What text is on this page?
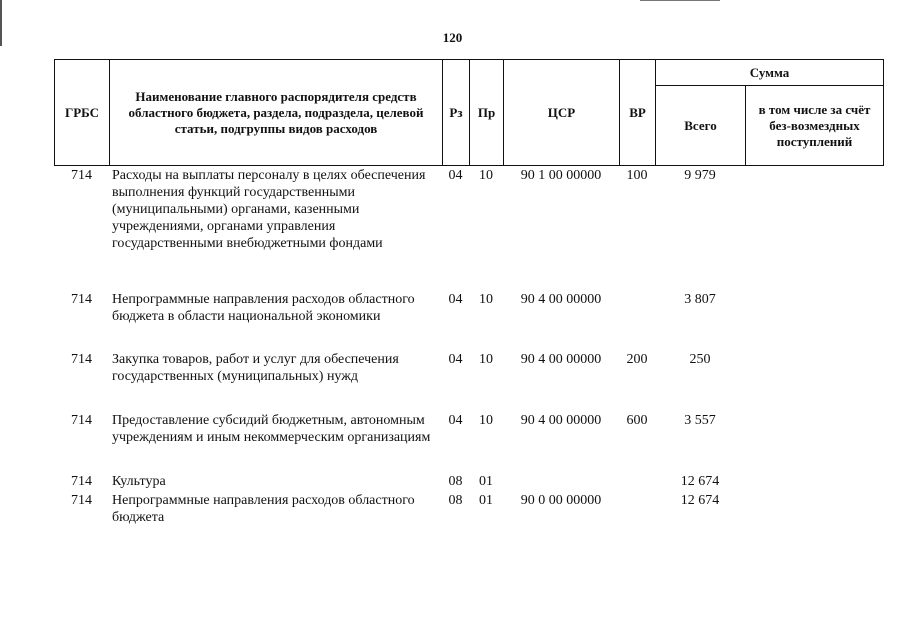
120
ГРБС	Наименование главного распорядителя средств областного бюджета, раздела, подраздела, целевой статьи, подгруппы видов расходов	Рз	Пр	ЦСР	ВР	Сумма	
						Всего	в том числе за счёт без-возмездных поступлений
714	Расходы на выплаты персоналу в целях обеспечения выполнения функций государственными (муниципальными) органами, казенными учреждениями, органами управления государственными внебюджетными фондами	04	10	90 1 00 00000	100	9 979	
714	Непрограммные направления расходов областного бюджета в области национальной экономики	04	10	90 4 00 00000		3 807	
714	Закупка товаров, работ и услуг для обеспечения государственных (муниципальных) нужд	04	10	90 4 00 00000	200	250	
714	Предоставление субсидий бюджетным, автономным учреждениям и иным некоммерческим организациям	04	10	90 4 00 00000	600	3 557	
714	Культура	08	01			12 674	
714	Непрограммные направления расходов областного бюджета	08	01	90 0 00 00000		12 674	
